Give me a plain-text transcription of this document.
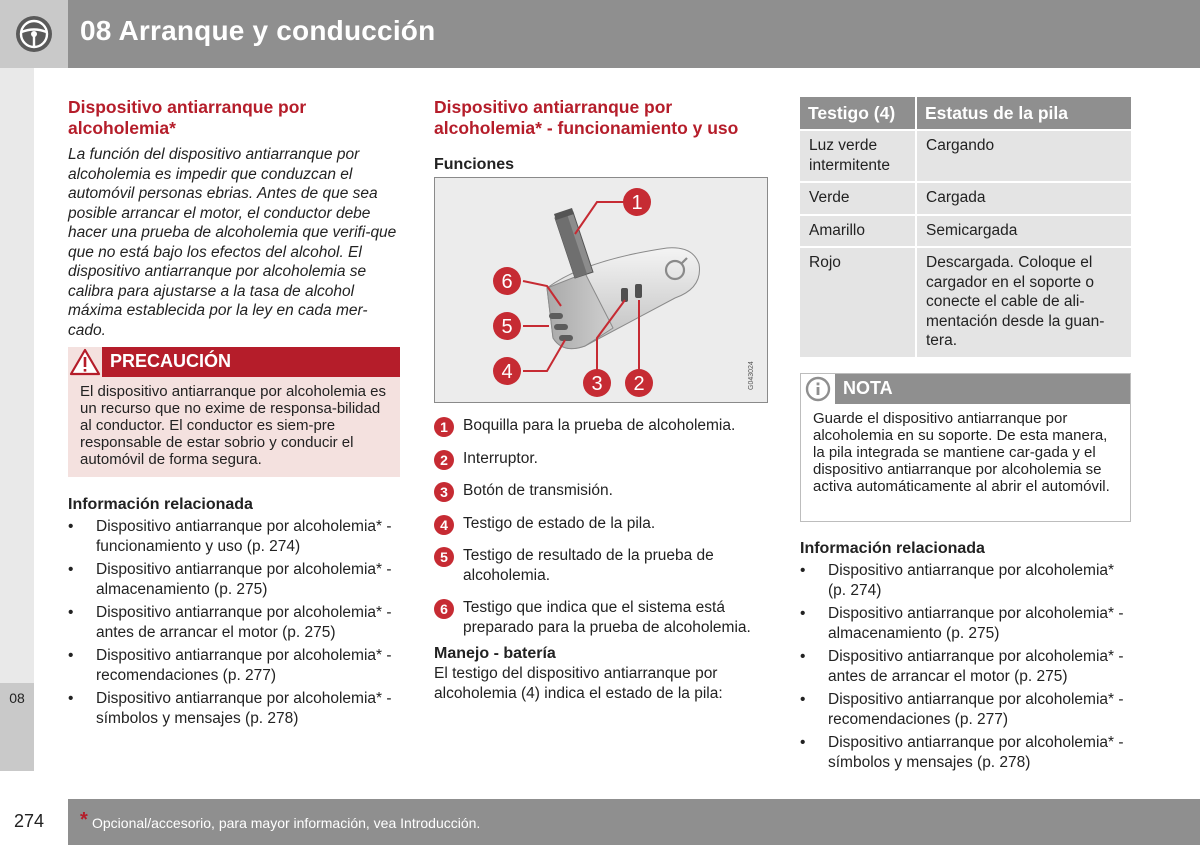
08 Arranque y conducción
08
Dispositivo antiarranque por alcoholemia*

La función del dispositivo antiarranque por alcoholemia es impedir que conduzcan el automóvil personas ebrias. Antes de que sea posible arrancar el motor, el conductor debe hacer una prueba de alcoholemia que verifi-que que no está bajo los efectos del alcohol. El dispositivo antiarranque por alcoholemia se calibra para ajustarse a la tasa de alcohol máxima establecida por la ley en cada mer-cado.

PRECAUCIÓN
El dispositivo antiarranque por alcoholemia es un recurso que no exime de responsa-bilidad al conductor. El conductor es siem-pre responsable de estar sobrio y conducir el automóvil de forma segura.
Información relacionada
• Dispositivo antiarranque por alcoholemia* - funcionamiento y uso (p. 274)
• Dispositivo antiarranque por alcoholemia* - almacenamiento (p. 275)
• Dispositivo antiarranque por alcoholemia* - antes de arrancar el motor (p. 275)
• Dispositivo antiarranque por alcoholemia* - recomendaciones (p. 277)
• Dispositivo antiarranque por alcoholemia* - símbolos y mensajes (p. 278)
Dispositivo antiarranque por alcoholemia* - funcionamiento y uso
Funciones
1
6
5
4
3 2	G043024
1 Boquilla para la prueba de alcoholemia.
2 Interruptor.
3 Botón de transmisión.
4 Testigo de estado de la pila.
5 Testigo de resultado de la prueba de alcoholemia.
6 Testigo que indica que el sistema está preparado para la prueba de alcoholemia.
Manejo - batería

El testigo del dispositivo antiarranque por alcoholemia (4) indica el estado de la pila:

Testigo (4)	Estatus de la pila
Luz verde intermitente	Cargando
Verde	Cargada
Amarillo	Semicargada
Rojo	Descargada. Coloque el cargador en el soporte o conecte el cable de ali-mentación desde la guan-tera.
NOTA
Guarde el dispositivo antiarranque por alcoholemia en su soporte. De esta manera, la pila integrada se mantiene car-gada y el dispositivo antiarranque por alcoholemia se activa automáticamente al abrir el automóvil.
Información relacionada
• Dispositivo antiarranque por alcoholemia* (p. 274)
• Dispositivo antiarranque por alcoholemia* - almacenamiento (p. 275)
• Dispositivo antiarranque por alcoholemia* - antes de arrancar el motor (p. 275)
• Dispositivo antiarranque por alcoholemia* - recomendaciones (p. 277)
• Dispositivo antiarranque por alcoholemia* - símbolos y mensajes (p. 278)
274 * Opcional/accesorio, para mayor información, vea Introducción.
